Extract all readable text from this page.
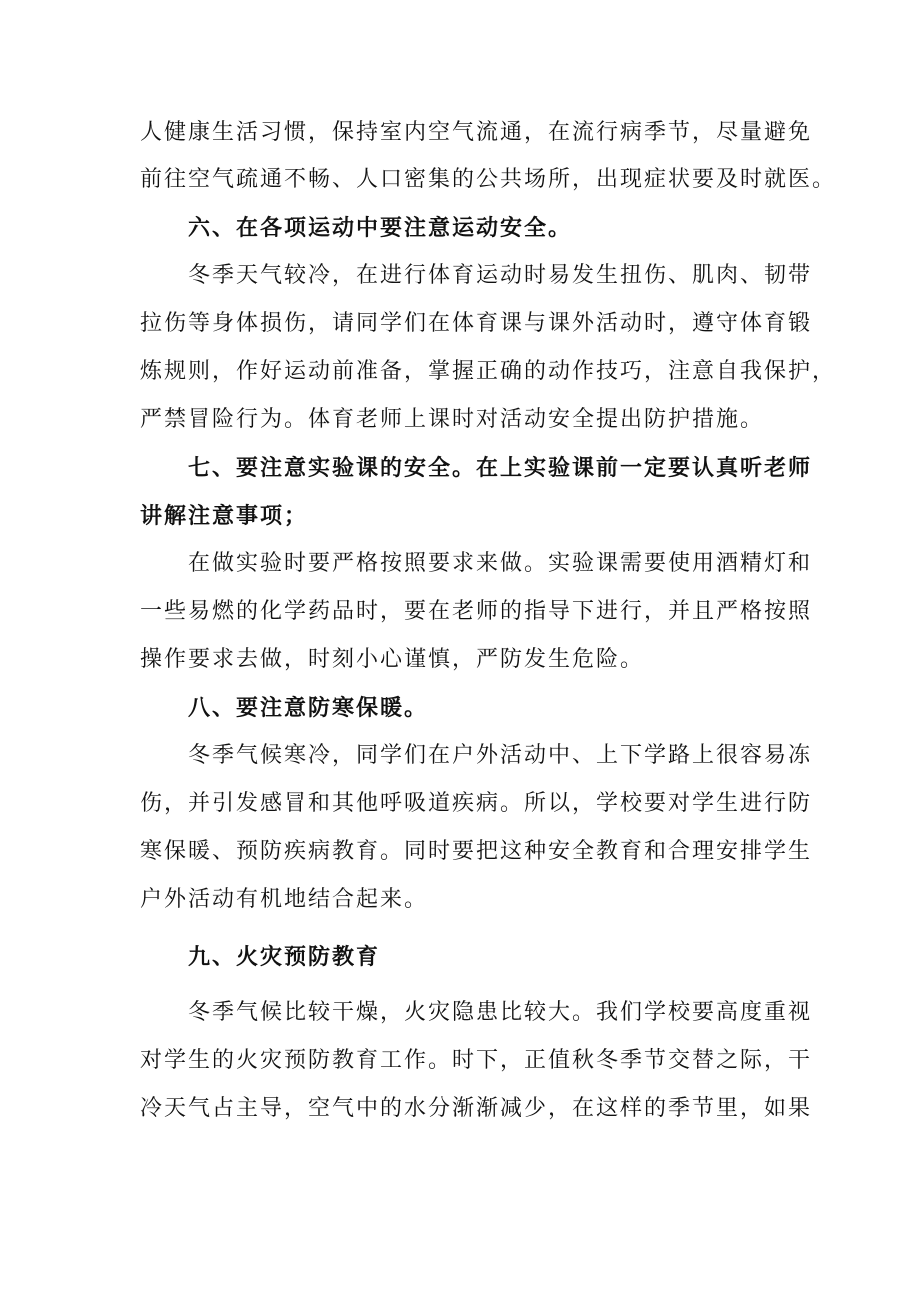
人健康生活习惯，保持室内空气流通，在流行病季节，尽量避免
前往空气疏通不畅、人口密集的公共场所，出现症状要及时就医。
六、在各项运动中要注意运动安全。
冬季天气较冷，在进行体育运动时易发生扭伤、肌肉、韧带
拉伤等身体损伤，请同学们在体育课与课外活动时，遵守体育锻
炼规则，作好运动前准备，掌握正确的动作技巧，注意自我保护，
严禁冒险行为。体育老师上课时对活动安全提出防护措施。
七、要注意实验课的安全。在上实验课前一定要认真听老师
讲解注意事项；
在做实验时要严格按照要求来做。实验课需要使用酒精灯和
一些易燃的化学药品时，要在老师的指导下进行，并且严格按照
操作要求去做，时刻小心谨慎，严防发生危险。
八、要注意防寒保暖。
冬季气候寒冷，同学们在户外活动中、上下学路上很容易冻
伤，并引发感冒和其他呼吸道疾病。所以，学校要对学生进行防
寒保暖、预防疾病教育。同时要把这种安全教育和合理安排学生
户外活动有机地结合起来。
九、火灾预防教育
冬季气候比较干燥，火灾隐患比较大。我们学校要高度重视
对学生的火灾预防教育工作。时下，正值秋冬季节交替之际，干
冷天气占主导，空气中的水分渐渐减少，在这样的季节里，如果
